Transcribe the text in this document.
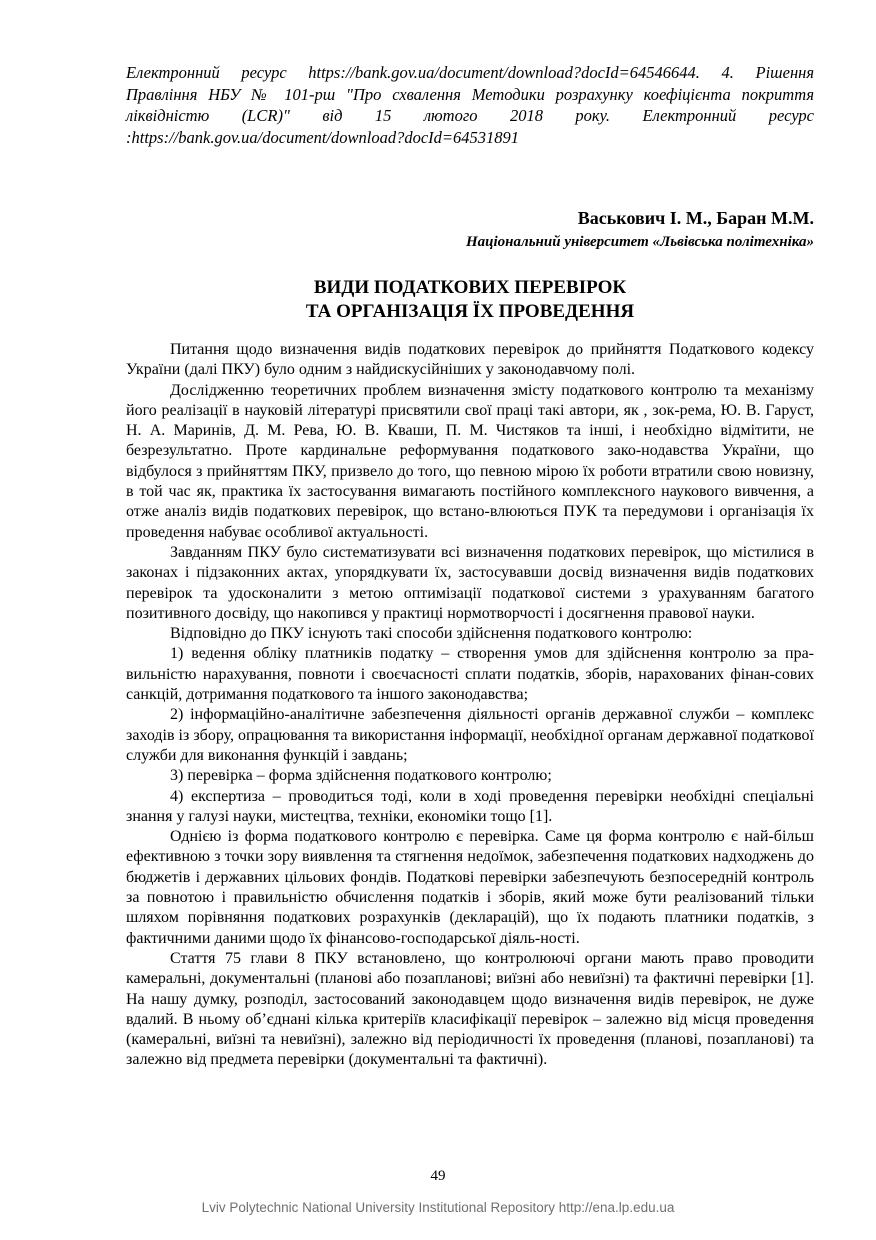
Електронний ресурс https://bank.gov.ua/document/download?docId=64546644. 4. Рішення Правління НБУ № 101-рш "Про схвалення Методики розрахунку коефіцієнта покриття ліквідністю (LCR)" від 15 лютого 2018 року. Електронний ресурс :https://bank.gov.ua/document/download?docId=64531891

Васькович І. М., Баран М.М.

Національний університет «Львівська політехніка»

ВИДИ ПОДАТКОВИХ ПЕРЕВІРОК
ТА ОРГАНІЗАЦІЯ ЇХ ПРОВЕДЕННЯ

Питання щодо визначення видів податкових перевірок до прийняття Податкового кодексу України (далі ПКУ) було одним з найдискусійніших у законодавчому полі.

Дослідженню теоретичних проблем визначення змісту податкового контролю та механізму його реалізації в науковій літературі присвятили свої праці такі автори, як , зок-рема, Ю. В. Гаруст, Н. А. Маринів, Д. М. Рева, Ю. В. Кваши, П. М. Чистяков та інші, і необхідно відмітити, не безрезультатно. Проте кардинальне реформування податкового зако-нодавства України, що відбулося з прийняттям ПКУ, призвело до того, що певною мірою їх роботи втратили свою новизну, в той час як, практика їх застосування вимагають постійного комплексного наукового вивчення, а отже аналіз видів податкових перевірок, що встано-влюються ПУК та передумови і організація їх проведення набуває особливої актуальності.

Завданням ПКУ було систематизувати всі визначення податкових перевірок, що містилися в законах і підзаконних актах, упорядкувати їх, застосувавши досвід визначення видів податкових перевірок та удосконалити з метою оптимізації податкової системи з урахуванням багатого позитивного досвіду, що накопився у практиці нормотворчості і досягнення правової науки.

Відповідно до ПКУ існують такі способи здійснення податкового контролю:

1) ведення обліку платників податку – створення умов для здійснення контролю за пра-вильністю нарахування, повноти і своєчасності сплати податків, зборів, нарахованих фінан-сових санкцій, дотримання податкового та іншого законодавства;

2) інформаційно-аналітичне забезпечення діяльності органів державної служби – комплекс заходів із збору, опрацювання та використання інформації, необхідної органам державної податкової служби для виконання функцій і завдань;

3) перевірка – форма здійснення податкового контролю;

4) експертиза – проводиться тоді, коли в ході проведення перевірки необхідні спеціальні знання у галузі науки, мистецтва, техніки, економіки тощо [1].

Однією із форма податкового контролю є перевірка. Саме ця форма контролю є най-більш ефективною з точки зору виявлення та стягнення недоїмок, забезпечення податкових надходжень до бюджетів і державних цільових фондів. Податкові перевірки забезпечують безпосередній контроль за повнотою і правильністю обчислення податків і зборів, який може бути реалізований тільки шляхом порівняння податкових розрахунків (декларацій), що їх подають платники податків, з фактичними даними щодо їх фінансово-господарської діяль-ності.

Стаття 75 глави 8 ПКУ встановлено, що контролюючі органи мають право проводити камеральні, документальні (планові або позапланові; виїзні або невиїзні) та фактичні перевірки [1]. На нашу думку, розподіл, застосований законодавцем щодо визначення видів перевірок, не дуже вдалий. В ньому об’єднані кілька критеріїв класифікації перевірок – залежно від місця проведення (камеральні, виїзні та невиїзні), залежно від періодичності їх проведення (планові, позапланові) та залежно від предмета перевірки (документальні та фактичні).

49

Lviv Polytechnic National University Institutional Repository http://ena.lp.edu.ua
